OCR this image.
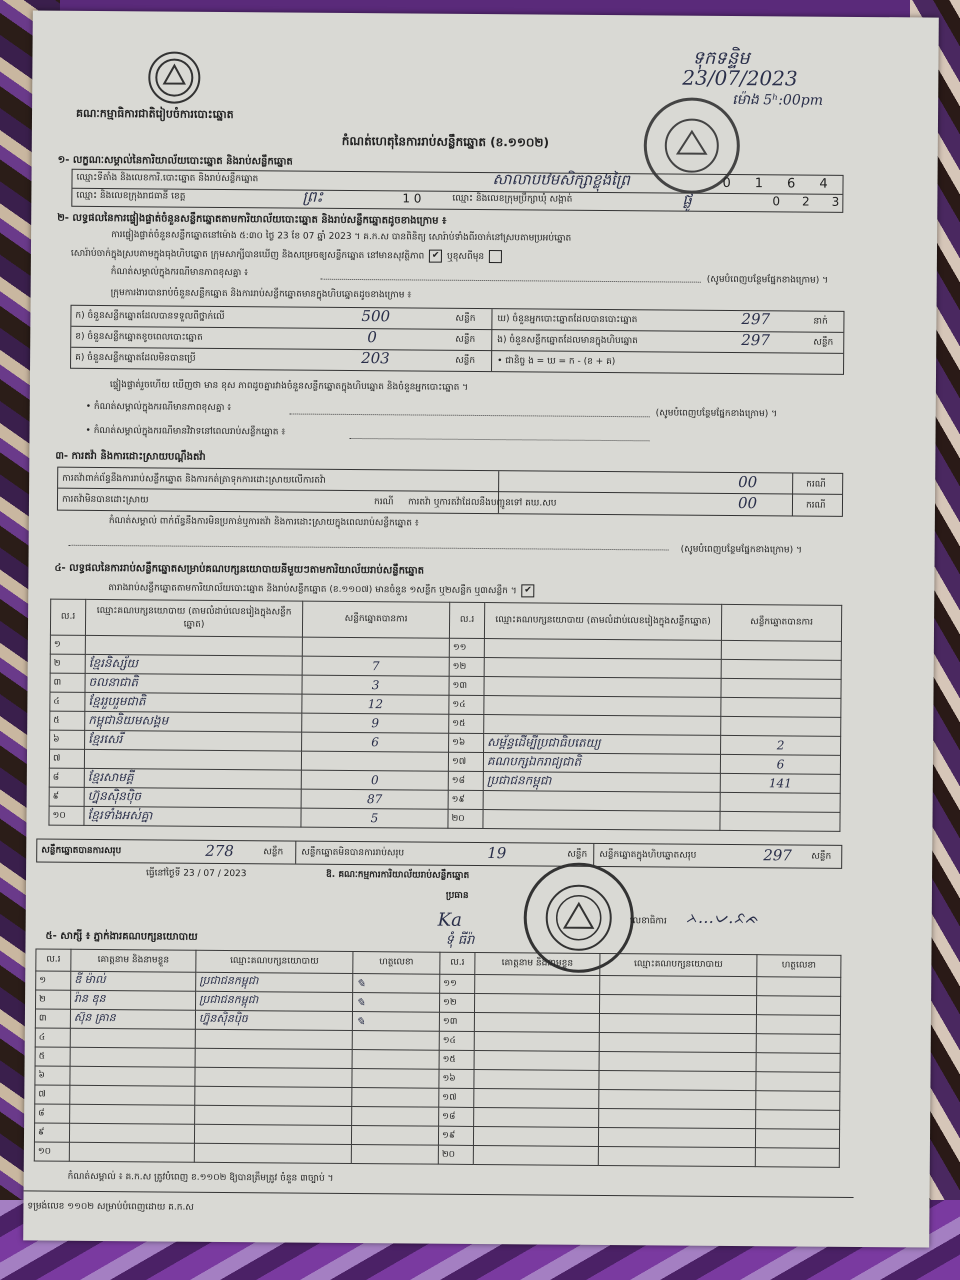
ទុកទន្ទិម
23/07/2023
ម៉ោង 5ʰ:00pm
គណៈកម្មាធិការជាតិរៀបចំការបោះឆ្នោត
កំណត់ហេតុនៃការរាប់សន្លឹកឆ្នោត (ខ.១១០២)
១- លក្ខណៈសម្គាល់នៃការិយាល័យបោះឆ្នោត និងរាប់សន្លឹកឆ្នោត
ឈ្មោះទីតាំង និងលេខការិ.បោះឆ្នោត និងរាប់សន្លឹកឆ្នោត	សាលាបឋមសិក្សាខ្លុងព្រៃ	0 1 6 4
ឈ្មោះ និងលេខក្រុងរាជធានី ខេត្ត	ព្រះ	1 0	ឈ្មោះ និងលេខក្រុមប្រឹក្សាឃុំ សង្កាត់	ផ្លូ	0 2 3
២- លទ្ធផលនៃការផ្ទៀងផ្ទាត់ចំនួនសន្លឹកឆ្នោតតាមការិយាល័យបោះឆ្នោត និងរាប់សន្លឹកឆ្នោតដូចខាងក្រោម ៖
ការផ្ទៀងផ្ទាត់ចំនួនសន្លឹកឆ្នោតនៅម៉ោង ៥:៣០ ថ្ងៃ 23 ខែ 07 ឆ្នាំ 2023 ។ គ.ក.ស បានពិនិត្យ សោរ៉ាប់ទាំងពីរចាក់នៅស្របតាមប្រអប់ឆ្នោត
សោរ៉ាប់ចាក់ក្នុងស្របតាមក្នុងធុងហិបឆ្នោត ក្រុមសាក្សីបានឃើញ និងសម្រេចឲ្យសន្លឹកឆ្នោត នៅមានសុវត្ថិភាព ✔ ឬខុសពីមុន
កំណត់សម្គាល់ក្នុងករណីមានភាពខុសគ្នា ៖
(សូមបំពេញបន្ថែមផ្នែកខាងក្រោម) ។
ក្រុមការងារបានរាប់ចំនួនសន្លឹកឆ្នោត និងការរាប់សន្លឹកឆ្នោតមានក្នុងហិបឆ្នោតដូចខាងក្រោម ៖
ក) ចំនួនសន្លឹកឆ្នោតដែលបានទទួលពីថ្នាក់លើ	500	សន្លឹក ឃ) ចំនួនអ្នកបោះឆ្នោតដែលបានបោះឆ្នោត	297	នាក់
ខ) ចំនួនសន្លឹកឆ្នោតខូចពេលបោះឆ្នោត	0	សន្លឹក ង) ចំនួនសន្លឹកឆ្នោតដែលមានក្នុងហិបឆ្នោត	297	សន្លឹក
គ) ចំនួនសន្លឹកឆ្នោតដែលមិនបានប្រើ	203	សន្លឹក • ជានិច្ច ង = ឃ = ក - (ខ + គ)
ផ្ទៀងផ្ទាត់រួចហើយ ឃើញថា មាន ខុស ភាពដូចគ្នារវាងចំនួនសន្លឹកឆ្នោតក្នុងហិបឆ្នោត និងចំនួនអ្នកបោះឆ្នោត ។
• កំណត់សម្គាល់ក្នុងករណីមានភាពខុសគ្នា ៖
(សូមបំពេញបន្ថែមផ្នែកខាងក្រោម) ។
• កំណត់សម្គាល់ក្នុងករណីមានវិវាទនៅពេលរាប់សន្លឹកឆ្នោត ៖
៣- ការតវ៉ា និងការដោះស្រាយបណ្តឹងតវ៉ា
ការតវ៉ាពាក់ព័ន្ធនឹងការរាប់សន្លឹកឆ្នោត និងការកត់ត្រាទុកការដោះស្រាយលើការតវ៉ា	00	ករណី
ការតវ៉ាមិនបានដោះស្រាយ	ករណី ការតវ៉ា ឬការតវ៉ាដែលនឹងបញ្ជូនទៅ គឃ.សប	00	ករណី
កំណត់សម្គាល់ ពាក់ព័ន្ធនឹងការមិនប្រកាន់ឬការតវ៉ា និងការដោះស្រាយក្នុងពេលរាប់សន្លឹកឆ្នោត ៖
(សូមបំពេញបន្ថែមផ្នែកខាងក្រោម) ។
៤- លទ្ធផលនៃការរាប់សន្លឹកឆ្នោតសម្រាប់គណបក្សនយោបាយនីមួយៗតាមការិយាល័យរាប់សន្លឹកឆ្នោត
តារាងរាប់សន្លឹកឆ្នោតតាមការិយាល័យបោះឆ្នោត និងរាប់សន្លឹកឆ្នោត (ខ.១១០៧) មានចំនួន ១សន្លឹក ឬ២សន្លឹក ឬ៣សន្លឹក ។ ✔
ល.រ	ឈ្មោះគណបក្សនយោបាយ (តាមលំដាប់លេខរៀងក្នុងសន្លឹកឆ្នោត)	សន្លឹកឆ្នោតបានការ	ល.រ	ឈ្មោះគណបក្សនយោបាយ (តាមលំដាប់លេខរៀងក្នុងសន្លឹកឆ្នោត)	សន្លឹកឆ្នោតបានការ
១			១១		
២	ខ្មែរនិស្ស័យ	7	១២		
៣	ចលនាជាតិ	3	១៣		
៤	ខ្មែររួបរួមជាតិ	12	១៤		
៥	កម្ពុជានិយមសង្គម	9	១៥		
៦	ខ្មែរសេរី	6	១៦	សម្ព័ន្ធដើម្បីប្រជាធិបតេយ្យ	2
៧			១៧	គណបក្សឯករាជ្យជាតិ	6
៨	ខ្មែរសាមគ្គី	0	១៨	ប្រជាជនកម្ពុជា	141
៩	ហ្វ៊ុនស៊ិនប៉ិច	87	១៩		
១០	ខ្មែរទាំងអស់គ្នា	5	២០		
សន្លឹកឆ្នោតបានការសរុប	278	សន្លឹក សន្លឹកឆ្នោតមិនបានការរាប់សរុប	19	សន្លឹក សន្លឹកឆ្នោតក្នុងហិបឆ្នោតសរុប	297 សន្លឹក
ធ្វើនៅថ្ងៃទី 23 / 07 / 2023	ឱ. គណៈកម្មការការិយាល័យរាប់សន្លឹកឆ្នោត
ប្រធាន
Ka
ទុំ ធីរ៉ា
លេខាធិការ ᨂ…ᨆ.ᨅᨃ
៥- សាក្សី ៖ ភ្នាក់ងារគណបក្សនយោបាយ
ល.រ	គោត្តនាម និងនាមខ្លួន	ឈ្មោះគណបក្សនយោបាយ	ហត្ថលេខា	ល.រ	គោត្តនាម និងនាមខ្លួន	ឈ្មោះគណបក្សនយោបាយ	ហត្ថលេខា
១	ឌី ម៉ាល់	ប្រជាជនកម្ពុជា	✎	១១			
២	រ៉ាន ឌុន	ប្រជាជនកម្ពុជា	✎	១២			
៣	ស៊ុន គ្រាន	ហ្វ៊ុនស៊ិនប៉ិច	✎	១៣			
៤				១៤			
៥				១៥			
៦				១៦			
៧				១៧			
៨				១៨			
៩				១៩			
១០				២០			
កំណត់សម្គាល់ ៖ គ.ក.ស ត្រូវបំពេញ ខ.១១០២ ឱ្យបានត្រឹមត្រូវ ចំនួន ៣ច្បាប់ ។
ទម្រង់លេខ ១១០២ សម្រាប់បំពេញដោយ គ.ក.ស
